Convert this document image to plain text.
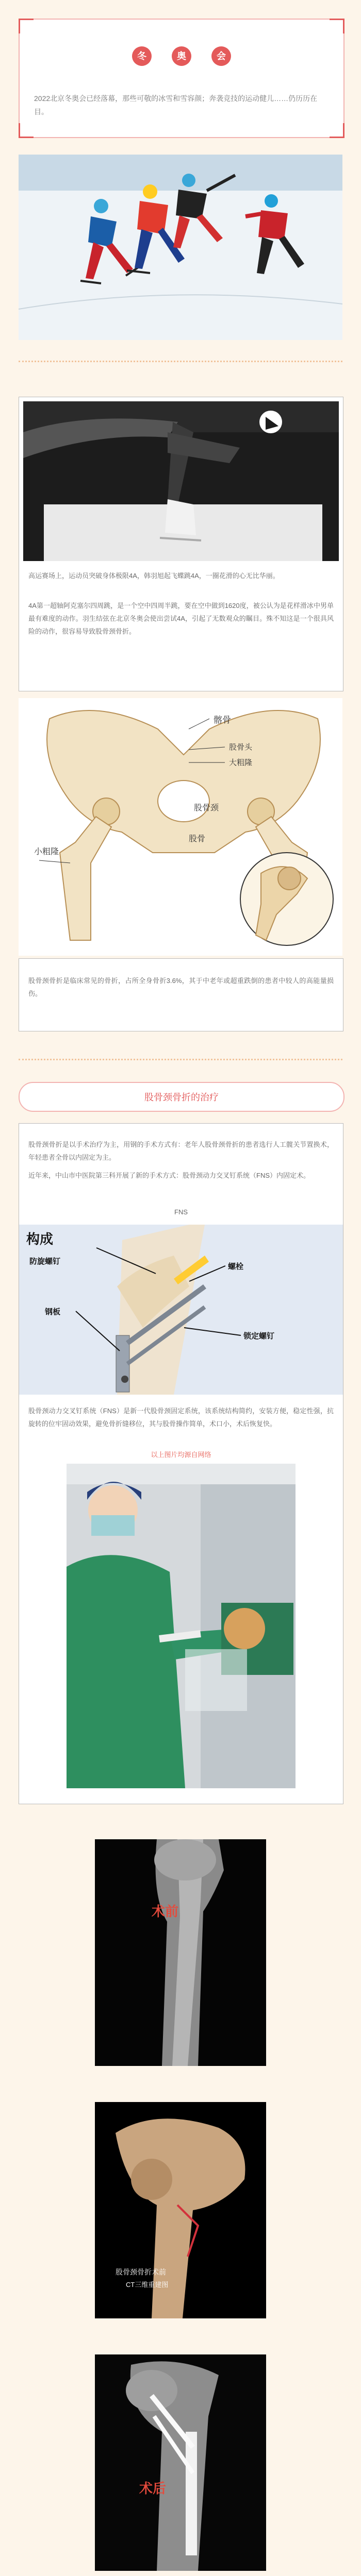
冬	奥	会
2022北京冬奥会已经落幕，那些可敬的冰雪和雪容颜；奔袭竞技的运动健儿……仍历历在目。
高运赛场上，运动员突破身体极限4A，韩羽旭起飞蝶跳4A，一圈花滑的心无比华丽。
4A第一超轴阿克塞尔四周跳，是一个空中四周半跳，要在空中做到1620度，被公认为是花样滑冰中男单最有难度的动作。羽生结弦在北京冬奥会使出尝试4A，引起了无数观众的瞩目。殊不知这是一个很具风险的动作，很容易导致股骨颈骨折。
髂骨
股骨头
大粗隆
股骨颈
小粗隆
股骨
股骨颈骨折是临床常见的骨折，占所全身骨折3.6%，其于中老年或超重跌倒的患者中较人的高能量损伤。
股骨颈骨折的治疗
股骨颈骨折是以手术治疗为主，用钢的手术方式有：老年人股骨颈骨折的患者选行人工髋关节置换术，年轻患者全骨以内固定为主。
近年来，中山市中医院第三科开展了新的手术方式：股骨颈动力交叉钉系统（FNS）内固定术。
FNS
构成
防旋螺钉
螺栓
钢板
锁定螺钉
股骨颈动力交叉钉系统（FNS）是新一代股骨颈固定系统，该系统结构简约，安装方便，稳定性强，抗旋转的位牢固动效果，避免骨折缝移位，其与股骨操作简单，术口小，术后恢复快。
以上图片均源自网络
术前
股骨颈骨折术前
CT三维重建图
术后
